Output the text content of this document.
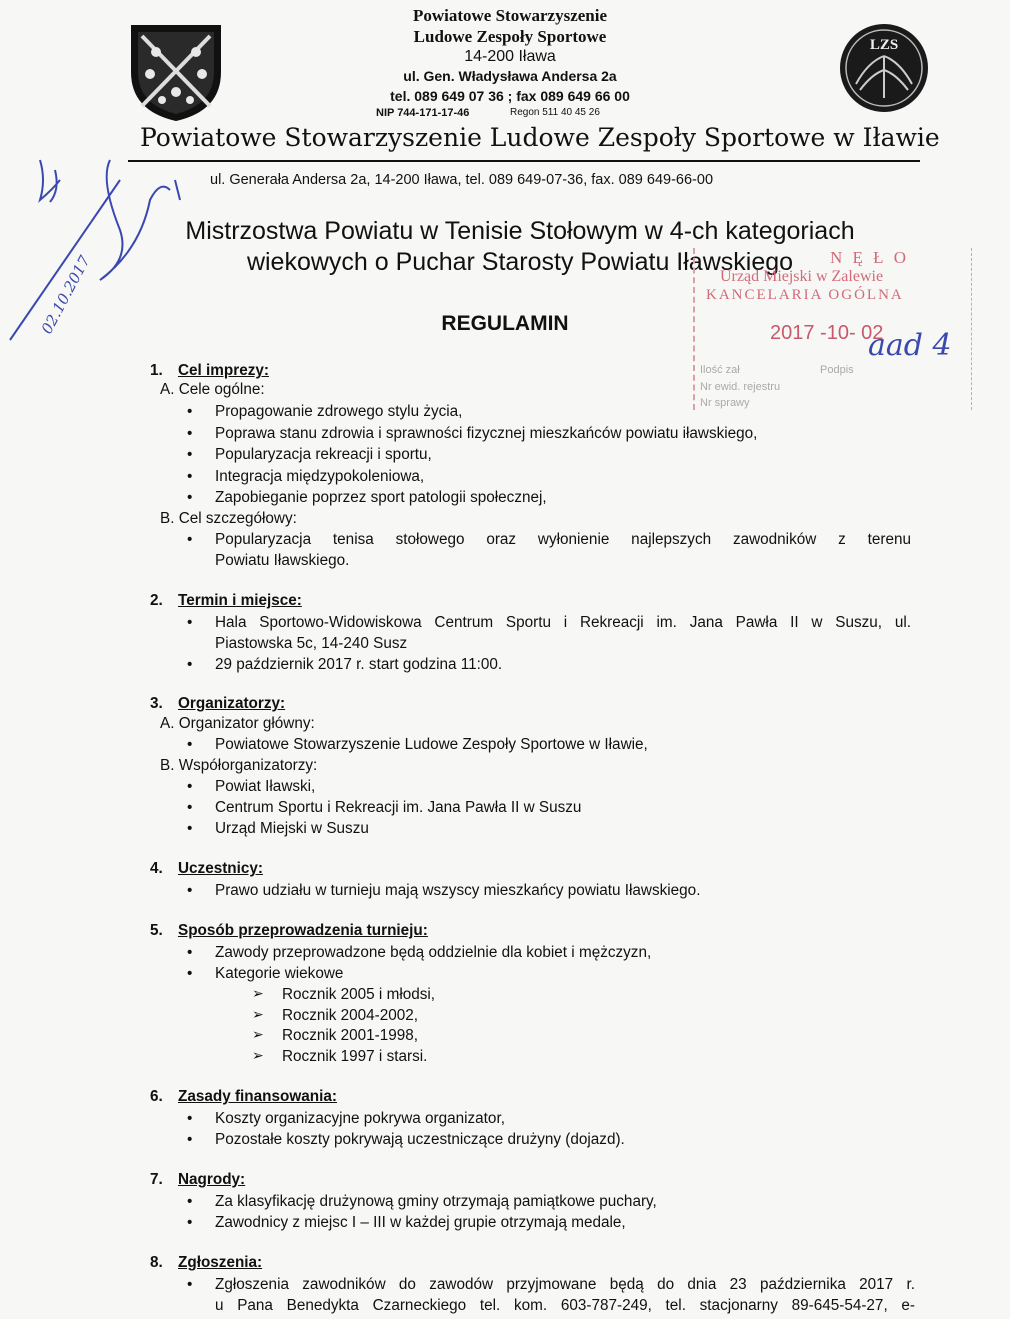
LZS
Powiatowe Stowarzyszenie
Ludowe Zespoły Sportowe
14-200 Iława
ul. Gen. Władysława Andersa 2a
tel. 089 649 07 36 ; fax 089 649 66 00
NIP 744-171-17-46	Regon 511 40 45 26
Powiatowe Stowarzyszenie Ludowe Zespoły Sportowe w Iławie
ul. Generała Andersa 2a, 14-200 Iława, tel. 089 649-07-36, fax. 089 649-66-00
02.10.2017
Mistrzostwa Powiatu w Tenisie Stołowym w 4-ch kategoriach
wiekowych o Puchar Starosty Powiatu Iławskiego
REGULAMIN
N Ę Ł O
Urząd Miejski w Zalewie
KANCELARIA OGÓLNA
2017 -10- 02
Ilość zał	Podpis
Nr ewid. rejestru
Nr sprawy
aad 4
1. Cel imprezy:
A. Cele ogólne:
• Propagowanie zdrowego stylu życia,
• Poprawa stanu zdrowia i sprawności fizycznej mieszkańców powiatu iławskiego,
• Popularyzacja rekreacji i sportu,
• Integracja międzypokoleniowa,
• Zapobieganie poprzez sport patologii społecznej,
B. Cel szczegółowy:
• Popularyzacja tenisa stołowego oraz wyłonienie najlepszych zawodników z terenu
Powiatu Iławskiego.
2. Termin i miejsce:
• Hala Sportowo-Widowiskowa Centrum Sportu i Rekreacji im. Jana Pawła II w Suszu, ul.
Piastowska 5c, 14-240 Susz
• 29 październik 2017 r. start godzina 11:00.
3. Organizatorzy:
A. Organizator główny:
• Powiatowe Stowarzyszenie Ludowe Zespoły Sportowe w Iławie,
B. Współorganizatorzy:
• Powiat Iławski,
• Centrum Sportu i Rekreacji im. Jana Pawła II w Suszu
• Urząd Miejski w Suszu
4. Uczestnicy:
• Prawo udziału w turnieju mają wszyscy mieszkańcy powiatu Iławskiego.
5. Sposób przeprowadzenia turnieju:
• Zawody przeprowadzone będą oddzielnie dla kobiet i mężczyzn,
• Kategorie wiekowe
➢ Rocznik 2005 i młodsi,
➢ Rocznik 2004-2002,
➢ Rocznik 2001-1998,
➢ Rocznik 1997 i starsi.
6. Zasady finansowania:
• Koszty organizacyjne pokrywa organizator,
• Pozostałe koszty pokrywają uczestniczące drużyny (dojazd).
7. Nagrody:
• Za klasyfikację drużynową gminy otrzymają pamiątkowe puchary,
• Zawodnicy z miejsc I – III w każdej grupie otrzymają medale,
8. Zgłoszenia:
• Zgłoszenia zawodników do zawodów przyjmowane będą do dnia 23 października 2017 r.
u Pana Benedykta Czarneckiego tel. kom. 603-787-249, tel. stacjonarny 89-645-54-27, e-
